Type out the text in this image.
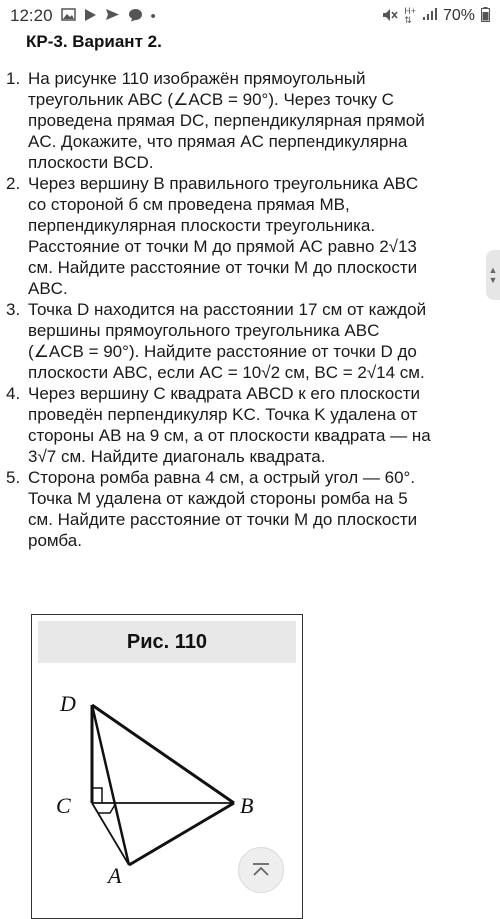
12:20	•	H+
⇅ 70%
КР-3. Вариант 2.
1. На рисунке 110 изображён прямоугольный
треугольник ABC (∠ACB = 90°). Через точку C
проведена прямая DC, перпендикулярная прямой
AC. Докажите, что прямая AC перпендикулярна
плоскости BCD.
2. Через вершину B правильного треугольника ABC
со стороной б см проведена прямая MB,
перпендикулярная плоскости треугольника.
Расстояние от точки M до прямой AC равно 2√13
см. Найдите расстояние от точки M до плоскости
ABC.
3. Точка D находится на расстоянии 17 см от каждой
вершины прямоугольного треугольника ABC
(∠ACB = 90°). Найдите расстояние от точки D до
плоскости ABC, если AC = 10√2 см, BC = 2√14 см.
4. Через вершину C квадрата ABCD к его плоскости
проведён перпендикуляр KC. Точка K удалена от
стороны AB на 9 см, а от плоскости квадрата — на
3√7 см. Найдите диагональ квадрата.
5. Сторона ромба равна 4 см, а острый угол — 60°.
Точка M удалена от каждой стороны ромба на 5
см. Найдите расстояние от точки M до плоскости
ромба.
▲
▼
Рис. 110
D
C	B
A
